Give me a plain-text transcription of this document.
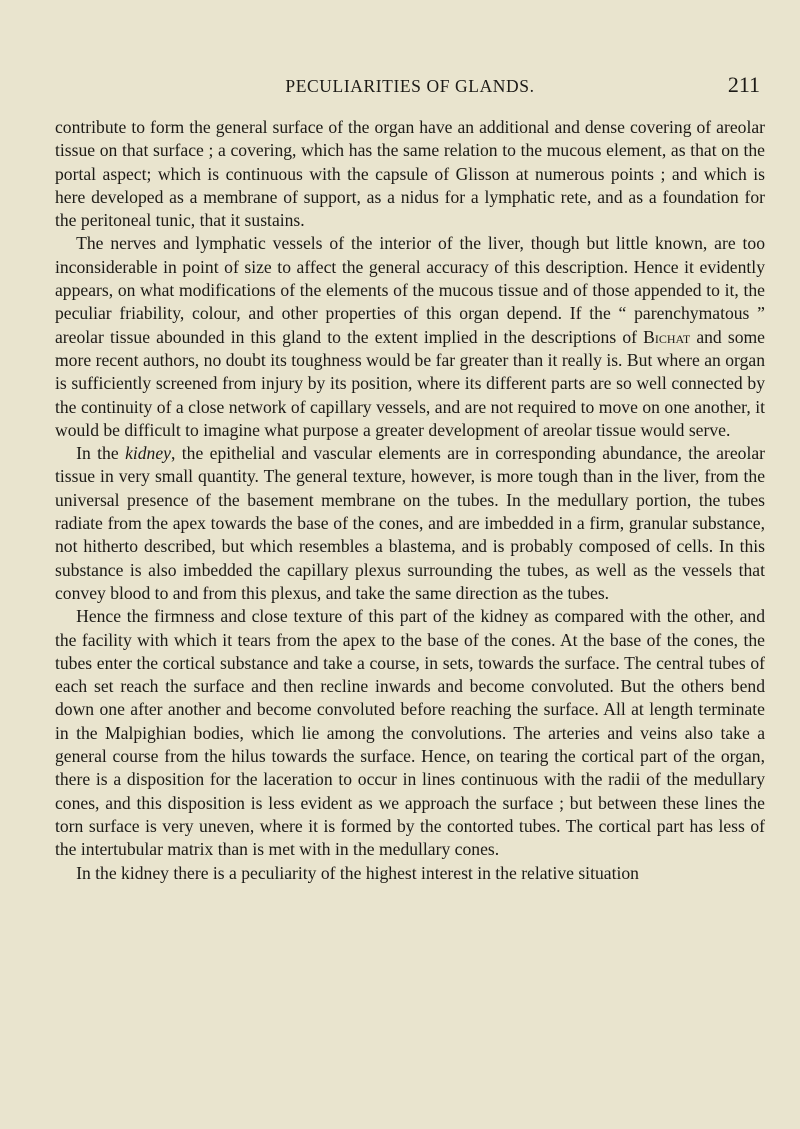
PECULIARITIES OF GLANDS.	211

contribute to form the general surface of the organ have an additional and dense covering of areolar tissue on that surface ; a covering, which has the same relation to the mucous element, as that on the portal aspect; which is continuous with the capsule of Glisson at numerous points ; and which is here developed as a membrane of support, as a nidus for a lymphatic rete, and as a foundation for the peritoneal tunic, that it sustains.

The nerves and lymphatic vessels of the interior of the liver, though but little known, are too inconsiderable in point of size to affect the general accuracy of this description. Hence it evidently appears, on what modifications of the elements of the mucous tissue and of those appended to it, the peculiar friability, colour, and other properties of this organ depend. If the “ parenchymatous ” areolar tissue abounded in this gland to the extent implied in the descriptions of Bichat and some more recent authors, no doubt its toughness would be far greater than it really is. But where an organ is sufficiently screened from injury by its position, where its different parts are so well connected by the continuity of a close network of capillary vessels, and are not required to move on one another, it would be difficult to imagine what purpose a greater development of areolar tissue would serve.

In the kidney, the epithelial and vascular elements are in corresponding abundance, the areolar tissue in very small quantity. The general texture, however, is more tough than in the liver, from the universal presence of the basement membrane on the tubes. In the medullary portion, the tubes radiate from the apex towards the base of the cones, and are imbedded in a firm, granular substance, not hitherto described, but which resembles a blastema, and is probably composed of cells. In this substance is also imbedded the capillary plexus surrounding the tubes, as well as the vessels that convey blood to and from this plexus, and take the same direction as the tubes.

Hence the firmness and close texture of this part of the kidney as compared with the other, and the facility with which it tears from the apex to the base of the cones. At the base of the cones, the tubes enter the cortical substance and take a course, in sets, towards the surface. The central tubes of each set reach the surface and then recline inwards and become convoluted. But the others bend down one after another and become convoluted before reaching the surface. All at length terminate in the Malpighian bodies, which lie among the convolutions. The arteries and veins also take a general course from the hilus towards the surface. Hence, on tearing the cortical part of the organ, there is a disposition for the laceration to occur in lines continuous with the radii of the medullary cones, and this disposition is less evident as we approach the surface ; but between these lines the torn surface is very uneven, where it is formed by the contorted tubes. The cortical part has less of the intertubular matrix than is met with in the medullary cones.

In the kidney there is a peculiarity of the highest interest in the relative situation
